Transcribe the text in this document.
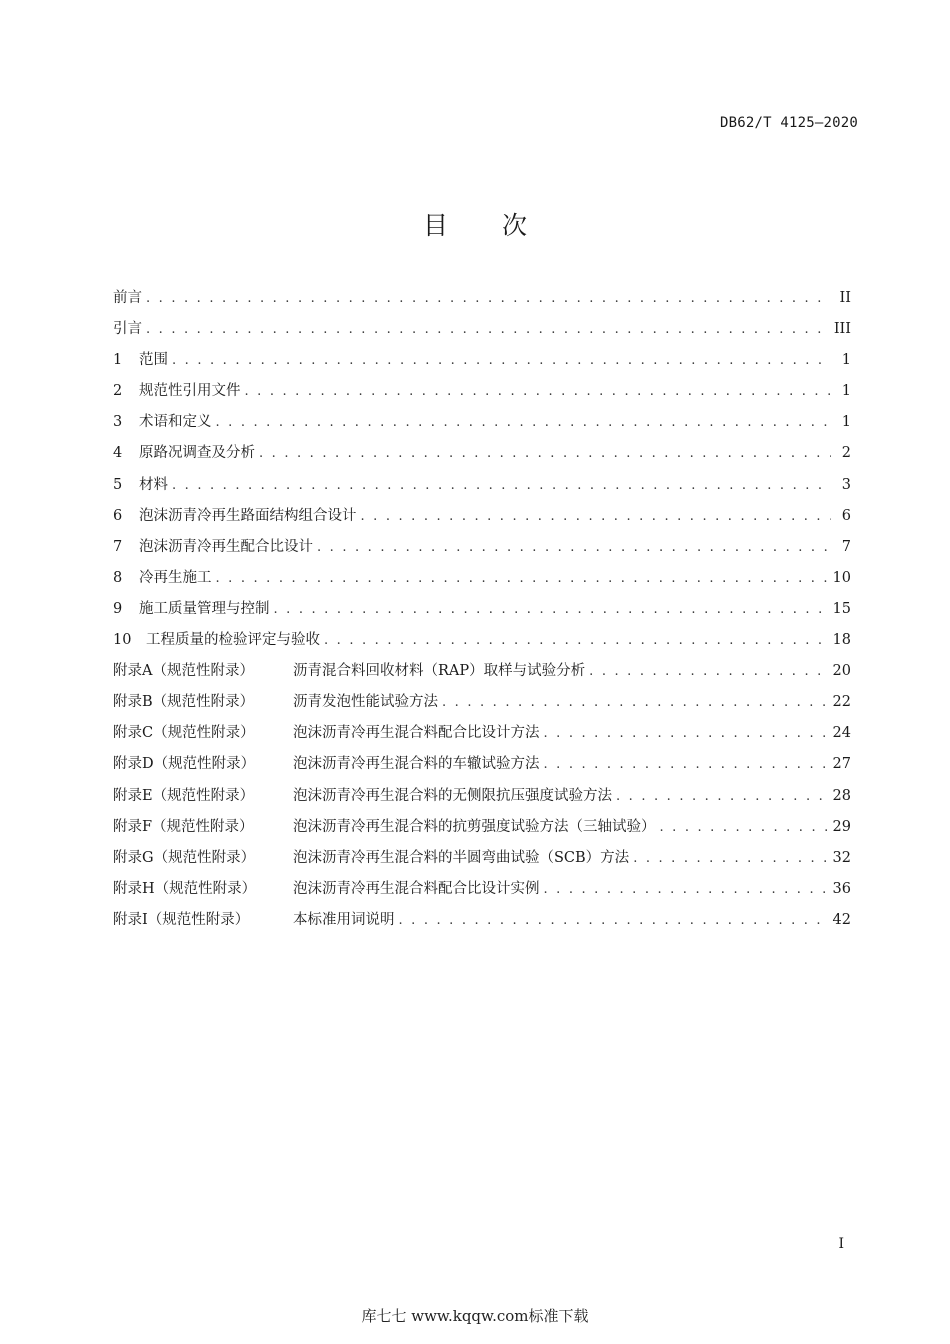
DB62/T 4125—2020
目次
前言 . . .	II
引言 . . .	III
1	范围 . . .	1
2	规范性引用文件 . . .	1
3	术语和定义 . . .	1
4	原路况调查及分析 . . .	2
5	材料 . . .	3
6	泡沫沥青冷再生路面结构组合设计 . . .	6
7	泡沫沥青冷再生配合比设计 . . .	7
8	冷再生施工 . . .	10
9	施工质量管理与控制 . . .	15
10	工程质量的检验评定与验收 . . .	18
附录A（规范性附录）	沥青混合料回收材料（RAP）取样与试验分析 . . .	20
附录B（规范性附录）	沥青发泡性能试验方法 . . .	22
附录C（规范性附录）	泡沫沥青冷再生混合料配合比设计方法 . . .	24
附录D（规范性附录）	泡沫沥青冷再生混合料的车辙试验方法 . . .	27
附录E（规范性附录）	泡沫沥青冷再生混合料的无侧限抗压强度试验方法 . . .	28
附录F（规范性附录）	泡沫沥青冷再生混合料的抗剪强度试验方法（三轴试验） . . .	29
附录G（规范性附录）	泡沫沥青冷再生混合料的半圆弯曲试验（SCB）方法 . . .	32
附录H（规范性附录）	泡沫沥青冷再生混合料配合比设计实例 . . .	36
附录I（规范性附录）	本标准用词说明 . . .	42
I
库七七 www.kqqw.com标准下载
